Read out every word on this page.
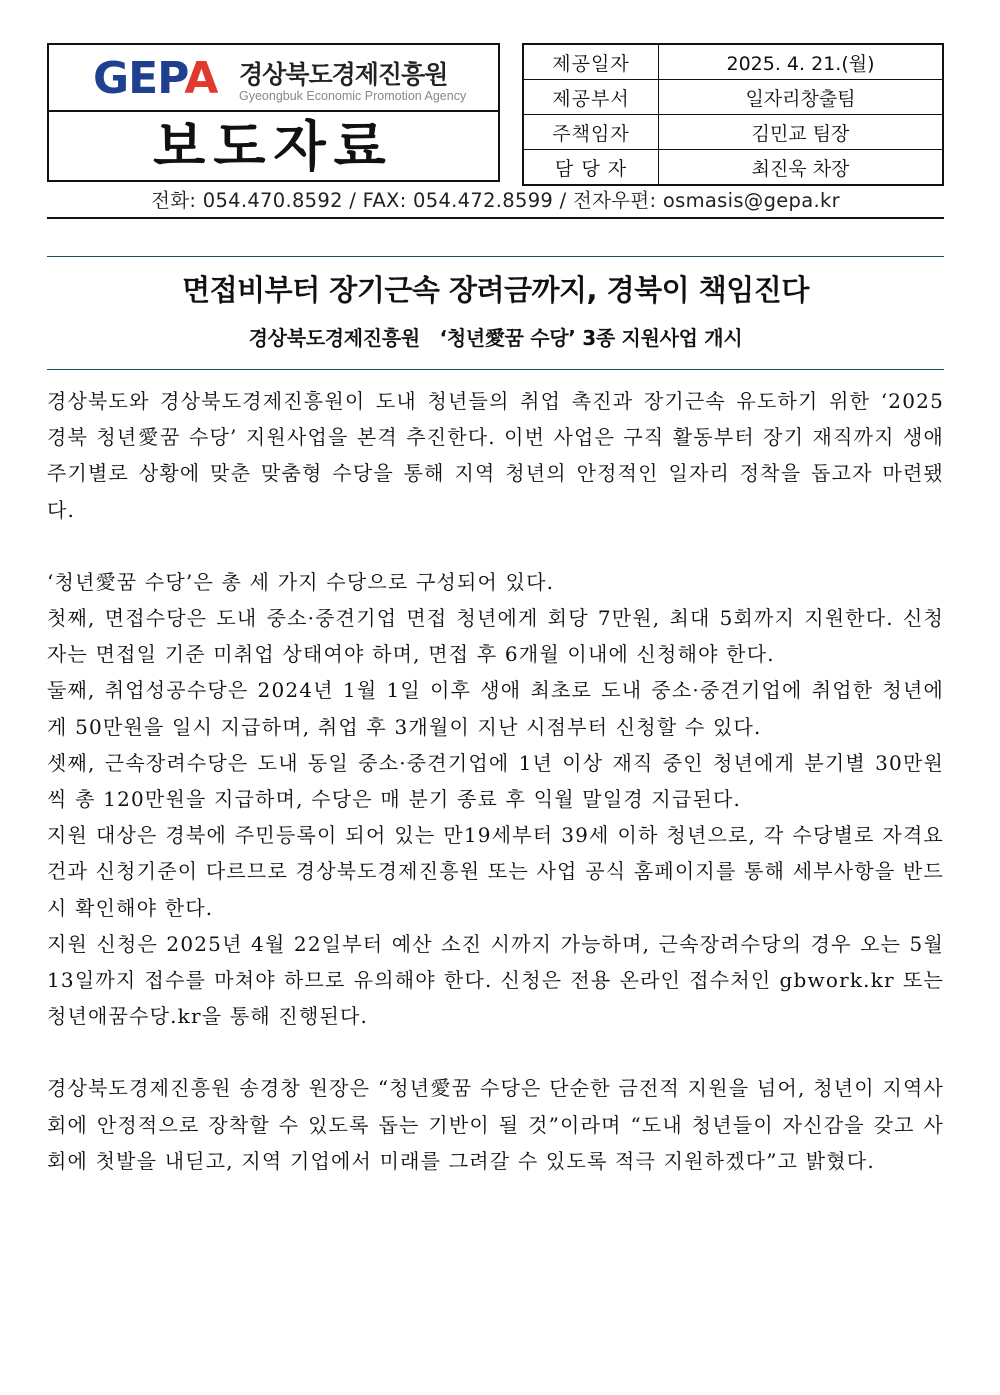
GEPA 경상북도경제진흥원
Gyeongbuk Economic Promotion Agency
보도자료
제공일자	2025. 4. 21.(월)
제공부서	일자리창출팀
주책임자	김민교 팀장
담 당 자	최진욱 차장
전화: 054.470.8592 / FAX: 054.472.8599 / 전자우편: osmasis@gepa.kr
면접비부터 장기근속 장려금까지, 경북이 책임진다
경상북도경제진흥원　‘청년愛꿈 수당’ 3종 지원사업 개시

경상북도와 경상북도경제진흥원이 도내 청년들의 취업 촉진과 장기근속 유도하기 위한 ‘2025 경북 청년愛꿈 수당’ 지원사업을 본격 추진한다. 이번 사업은 구직 활동부터 장기 재직까지 생애주기별로 상황에 맞춘 맞춤형 수당을 통해 지역 청년의 안정적인 일자리 정착을 돕고자 마련됐다.

‘청년愛꿈 수당’은 총 세 가지 수당으로 구성되어 있다.

첫째, 면접수당은 도내 중소·중견기업 면접 청년에게 회당 7만원, 최대 5회까지 지원한다. 신청자는 면접일 기준 미취업 상태여야 하며, 면접 후 6개월 이내에 신청해야 한다.

둘째, 취업성공수당은 2024년 1월 1일 이후 생애 최초로 도내 중소·중견기업에 취업한 청년에게 50만원을 일시 지급하며, 취업 후 3개월이 지난 시점부터 신청할 수 있다.

셋째, 근속장려수당은 도내 동일 중소·중견기업에 1년 이상 재직 중인 청년에게 분기별 30만원씩 총 120만원을 지급하며, 수당은 매 분기 종료 후 익월 말일경 지급된다.

지원 대상은 경북에 주민등록이 되어 있는 만19세부터 39세 이하 청년으로, 각 수당별로 자격요건과 신청기준이 다르므로 경상북도경제진흥원 또는 사업 공식 홈페이지를 통해 세부사항을 반드시 확인해야 한다.

지원 신청은 2025년 4월 22일부터 예산 소진 시까지 가능하며, 근속장려수당의 경우 오는 5월 13일까지 접수를 마쳐야 하므로 유의해야 한다. 신청은 전용 온라인 접수처인 gbwork.kr 또는 청년애꿈수당.kr을 통해 진행된다.

경상북도경제진흥원 송경창 원장은 “청년愛꿈 수당은 단순한 금전적 지원을 넘어, 청년이 지역사회에 안정적으로 장착할 수 있도록 돕는 기반이 될 것”이라며 “도내 청년들이 자신감을 갖고 사회에 첫발을 내딛고, 지역 기업에서 미래를 그려갈 수 있도록 적극 지원하겠다”고 밝혔다.
